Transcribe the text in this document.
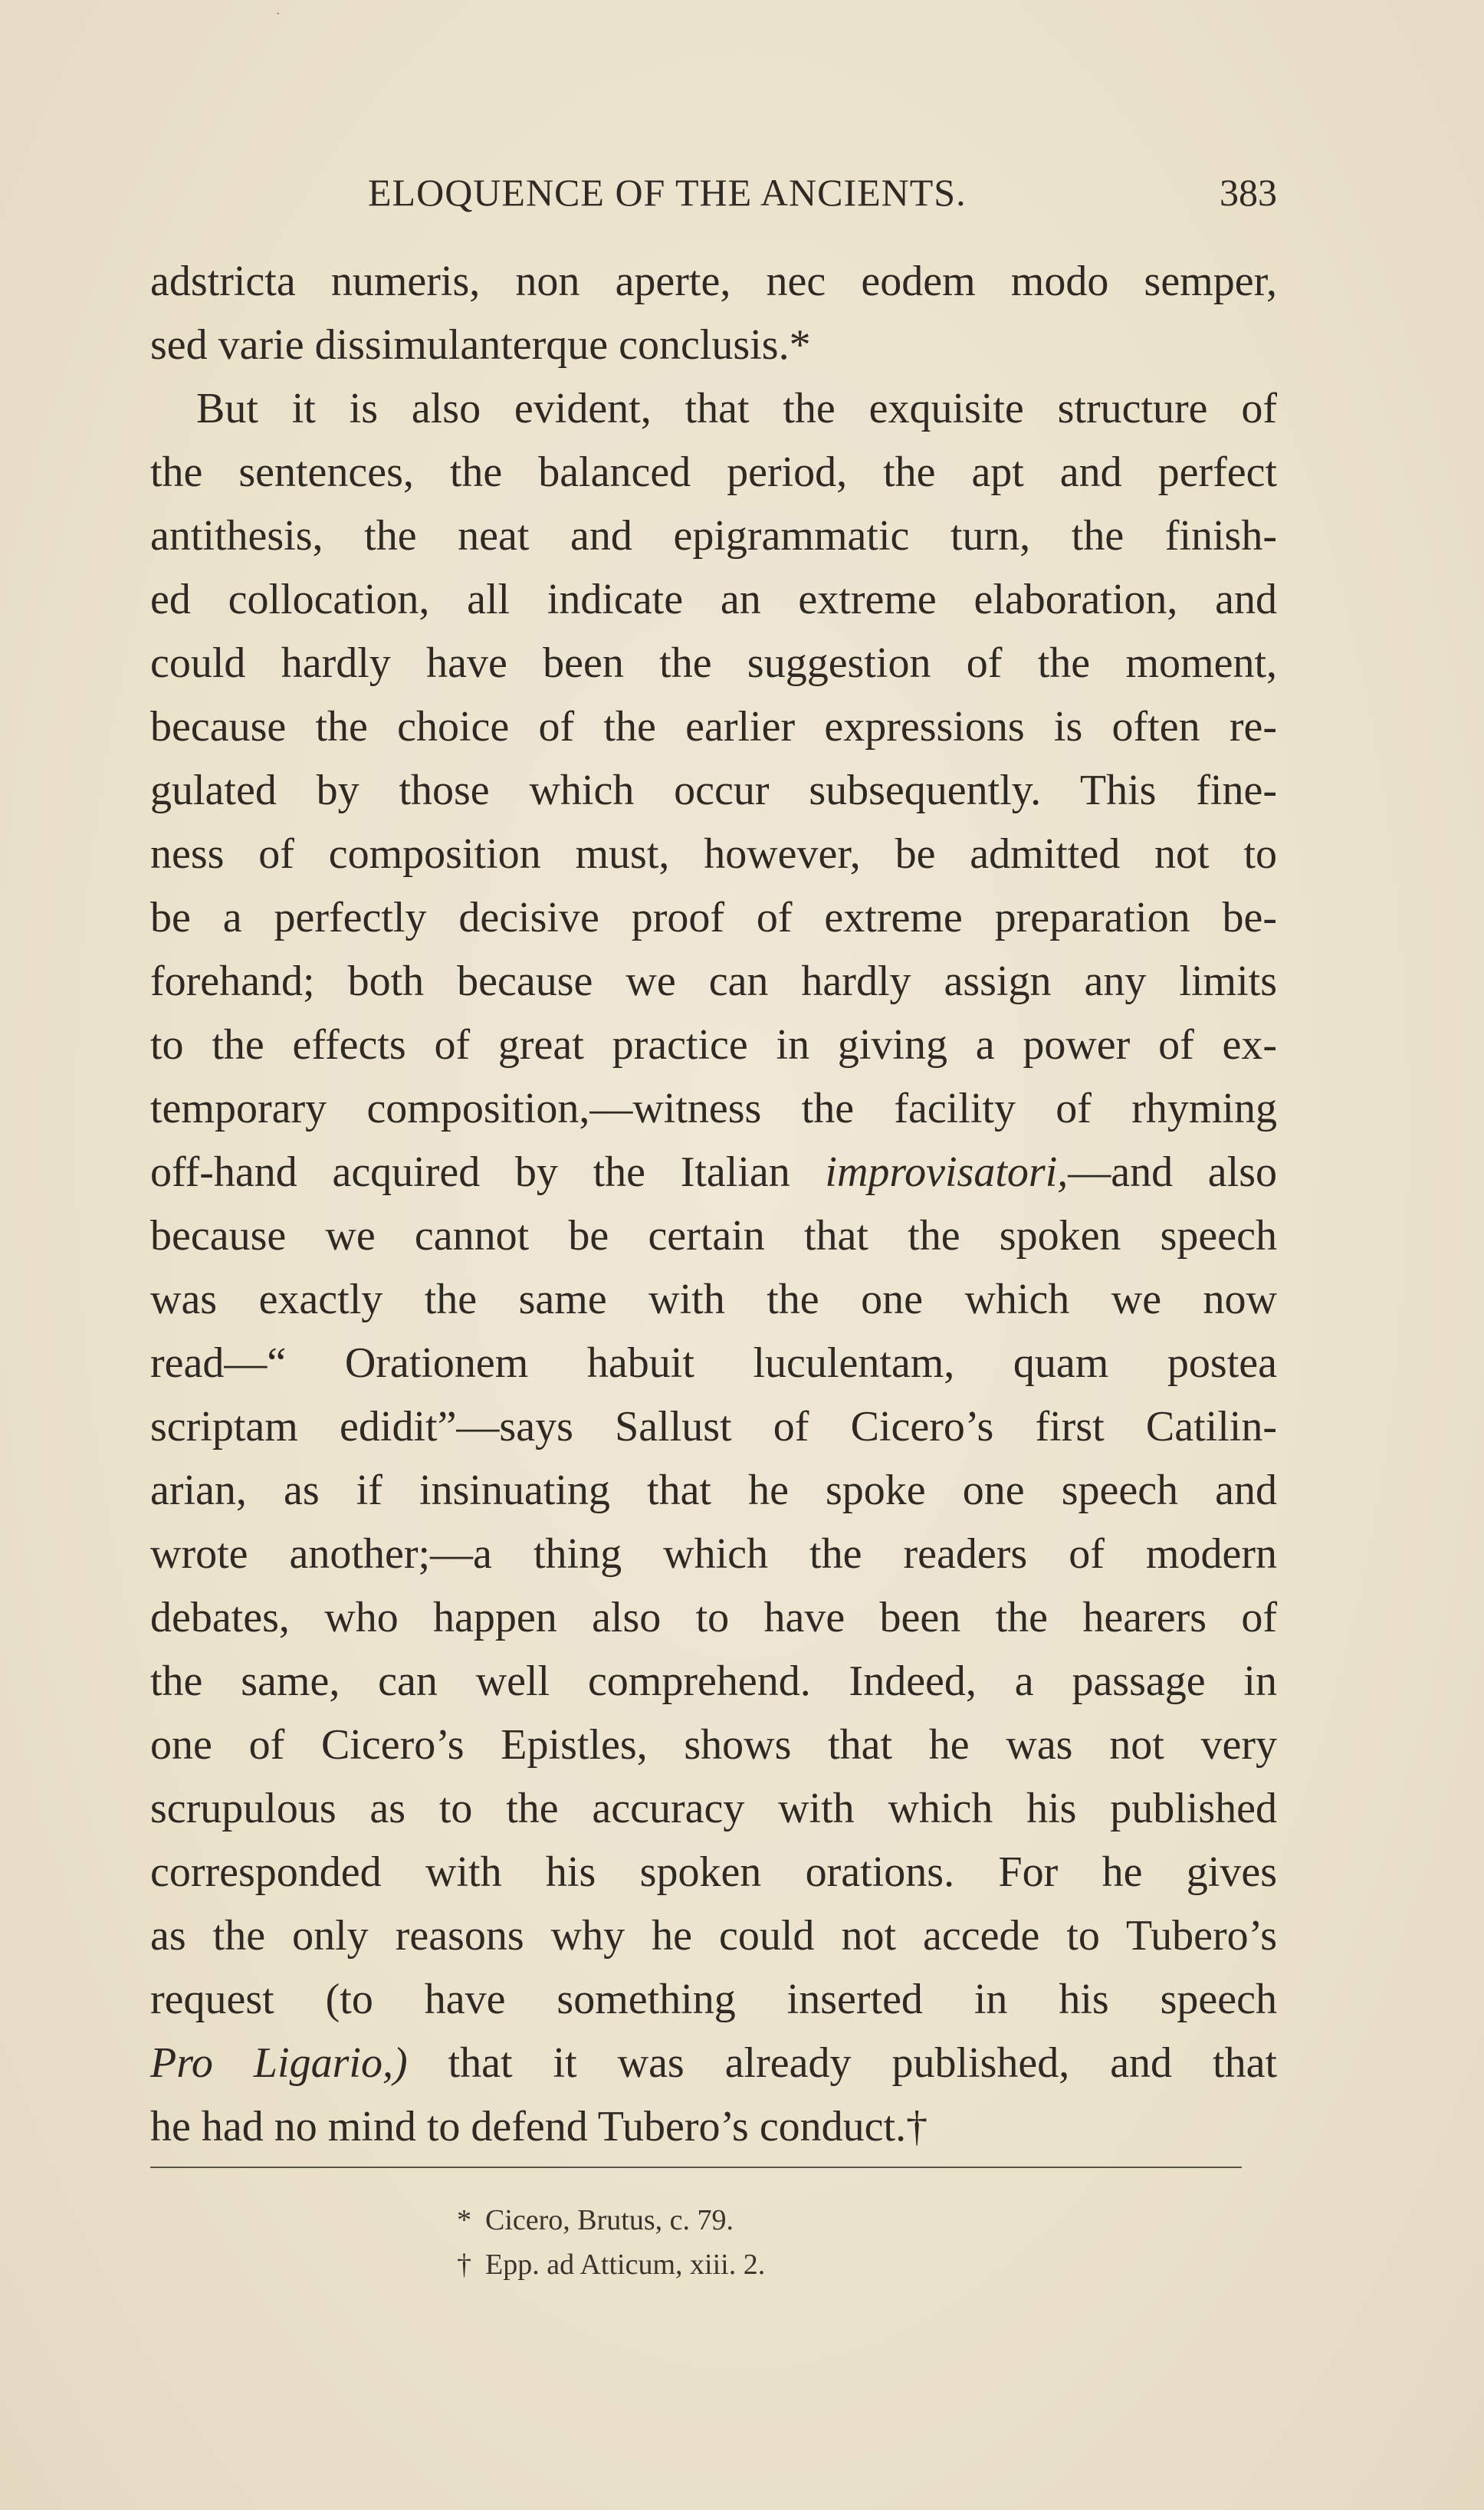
·
ELOQUENCE OF THE ANCIENTS.	383
adstricta numeris, non aperte, nec eodem modo semper,
sed varie dissimulanterque conclusis.*
But it is also evident, that the exquisite structure of
the sentences, the balanced period, the apt and perfect
antithesis, the neat and epigrammatic turn, the finish-
ed collocation, all indicate an extreme elaboration, and
could hardly have been the suggestion of the moment,
because the choice of the earlier expressions is often re-
gulated by those which occur subsequently. This fine-
ness of composition must, however, be admitted not to
be a perfectly decisive proof of extreme preparation be-
forehand; both because we can hardly assign any limits
to the effects of great practice in giving a power of ex-
temporary composition,—witness the facility of rhyming
off-hand acquired by the Italian improvisatori,—and also
because we cannot be certain that the spoken speech
was exactly the same with the one which we now
read—“ Orationem habuit luculentam, quam postea
scriptam edidit”—says Sallust of Cicero’s first Catilin-
arian, as if insinuating that he spoke one speech and
wrote another;—a thing which the readers of modern
debates, who happen also to have been the hearers of
the same, can well comprehend. Indeed, a passage in
one of Cicero’s Epistles, shows that he was not very
scrupulous as to the accuracy with which his published
corresponded with his spoken orations. For he gives
as the only reasons why he could not accede to Tubero’s
request (to have something inserted in his speech
Pro Ligario,) that it was already published, and that
he had no mind to defend Tubero’s conduct.†
* Cicero, Brutus, c. 79.
† Epp. ad Atticum, xiii. 2.
